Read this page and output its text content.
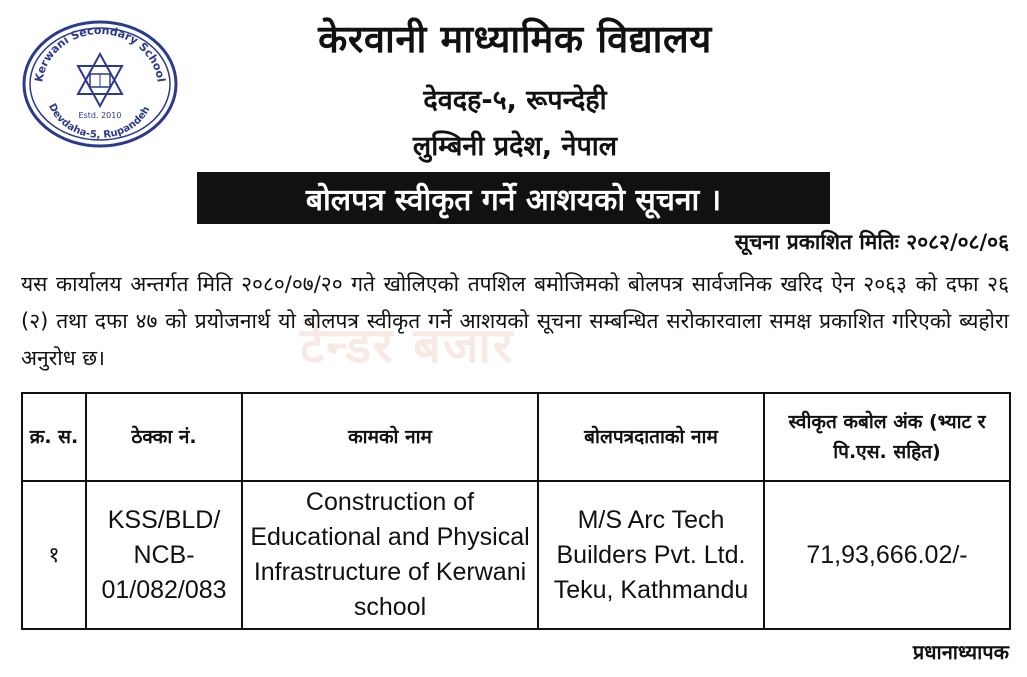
Kerwani Secondary School
Devdaha-5, Rupandeh
Estd. 2010
केरवानी माध्यामिक विद्यालय
देवदह-५, रूपन्देही
लुम्बिनी प्रदेश, नेपाल
बोलपत्र स्वीकृत गर्ने आशयको सूचना ।
सूचना प्रकाशित मितिः २०८२/०८/०६
टेन्डर बजार
यस कार्यालय अन्तर्गत मिति २०८०/०७/२० गते खोलिएको तपशिल बमोजिमको बोलपत्र सार्वजनिक खरिद ऐन २०६३ को दफा २६ (२) तथा दफा ४७ को प्रयोजनार्थ यो बोलपत्र स्वीकृत गर्ने आशयको सूचना सम्बन्धित सरोकारवाला समक्ष प्रकाशित गरिएको ब्यहोरा अनुरोध छ।
क्र. स.	ठेक्का नं.	कामको नाम	बोलपत्रदाताको नाम	स्वीकृत कबोल अंक (भ्याट र पि.एस. सहित)
१	KSS/BLD/ NCB- 01/082/083	Construction of Educational and Physical Infrastructure of Kerwani school	M/S Arc Tech Builders Pvt. Ltd. Teku, Kathmandu	71,93,666.02/-
प्रधानाध्यापक
